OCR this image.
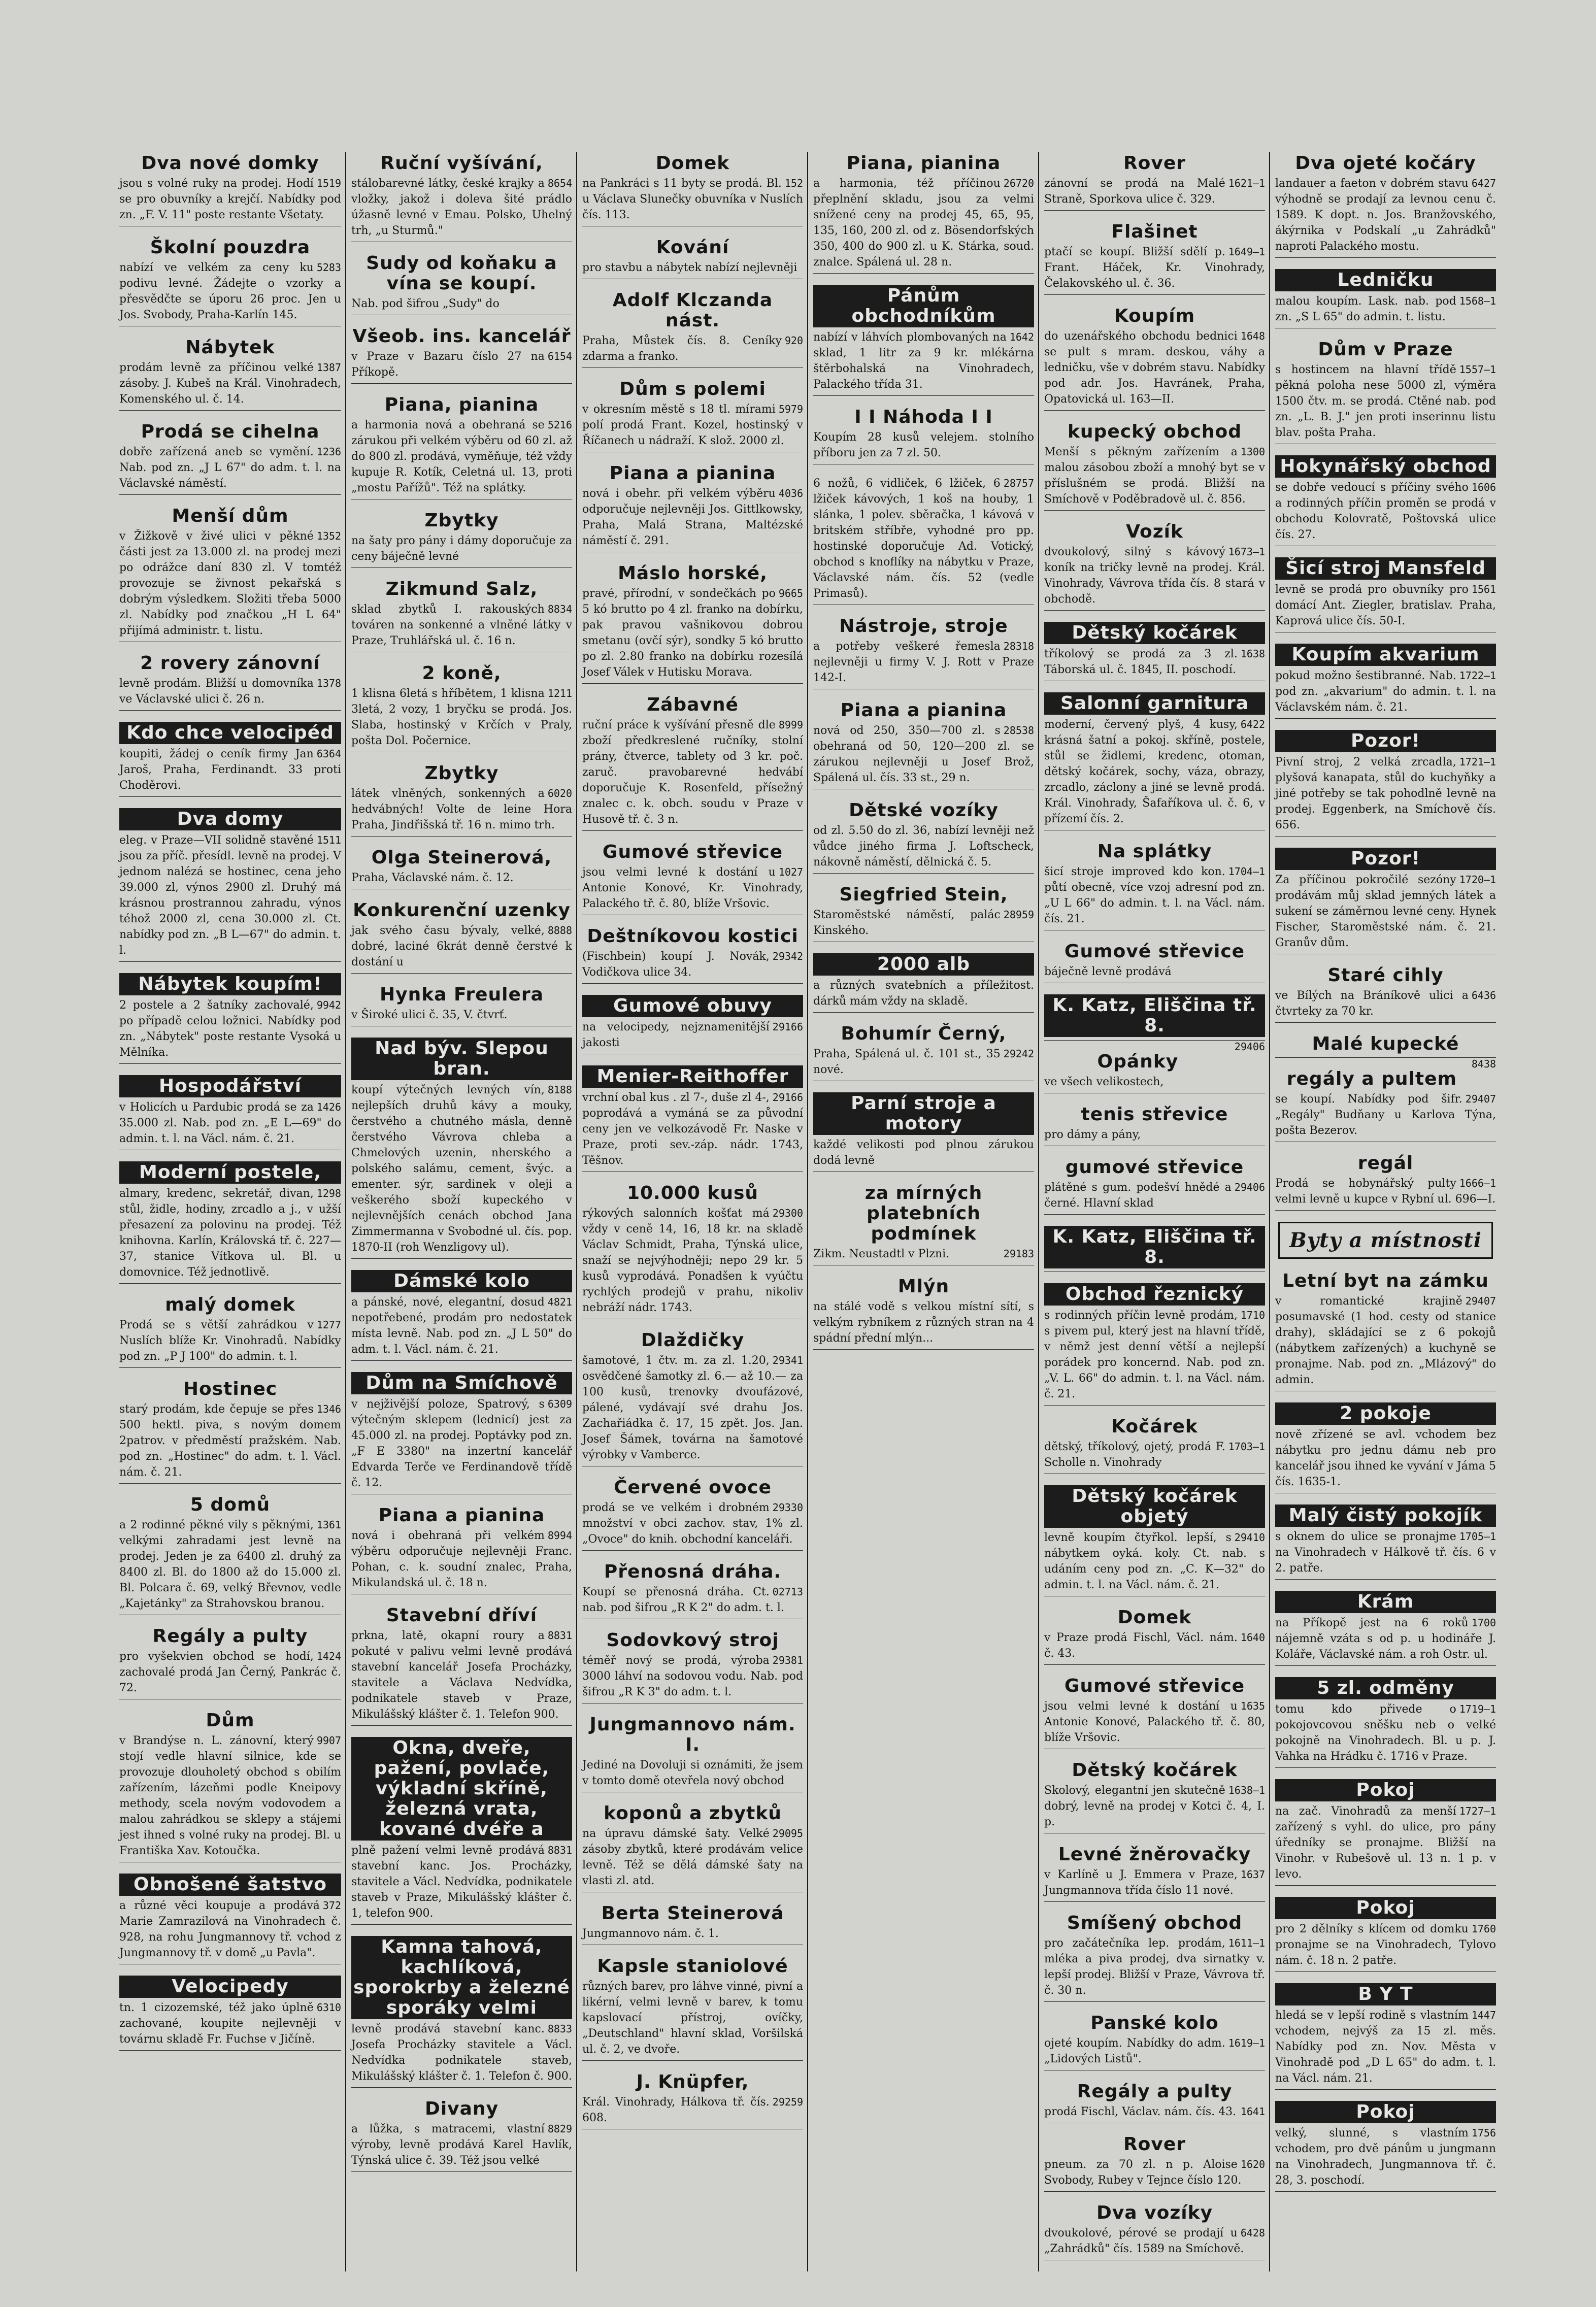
Dva nové domky

1519
jsou s volné ruky na prodej. Hodí se pro obuvníky a krejčí. Nabídky pod zn. „F. V. 11" poste restante Všetaty.

Školní pouzdra

5283
nabízí ve velkém za ceny ku podivu levné. Žádejte o vzorky a přesvědčte se úporu 26 proc. Jen u Jos. Svobody, Praha-Karlín 145.

Nábytek

1387
prodám levně za příčinou velké zásoby. J. Kubeš na Král. Vinohradech, Komenského ul. č. 14.

Prodá se cihelna

1236
dobře zařízená aneb se vymění. Nab. pod zn. „J L 67" do adm. t. l. na Václavské náměstí.

Menší dům

1352
v Žižkově v živé ulici v pěkné části jest za 13.000 zl. na prodej mezi po odrážce daní 830 zl. V tomtéž provozuje se živnost pekařská s dobrým výsledkem. Složiti třeba 5000 zl. Nabídky pod značkou „H L 64" přijímá administr. t. listu.

2 rovery zánovní

1378
levně prodám. Bližší u domovníka ve Václavské ulici č. 26 n.

Kdo chce velocipéd

6364
koupiti, žádej o ceník firmy Jan Jaroš, Praha, Ferdinandt. 33 proti Choděrovi.

Dva domy

1511
eleg. v Praze—VII solidně stavěné jsou za příč. přesídl. levně na prodej. V jednom nalézá se hostinec, cena jeho 39.000 zl, výnos 2900 zl. Druhý má krásnou prostrannou zahradu, výnos téhož 2000 zl, cena 30.000 zl. Ct. nabídky pod zn. „B L—67" do admin. t. l.

Nábytek koupím!

9942
2 postele a 2 šatníky zachovalé, po případě celou ložnici. Nabídky pod zn. „Nábytek" poste restante Vysoká u Mělníka.

Hospodářství

1426
v Holicích u Pardubic prodá se za 35.000 zl. Nab. pod zn. „E L—69" do admin. t. l. na Václ. nám. č. 21.

Moderní postele,

1298
almary, kredenc, sekretář, divan, stůl, židle, hodiny, zrcadlo a j., v užší přesazení za polovinu na prodej. Též knihovna. Karlín, Královská tř. č. 227—37, stanice Vítkova ul. Bl. u domovnice. Též jednotlivě.

malý domek

1277
Prodá se s větší zahrádkou v Nuslích blíže Kr. Vinohradů. Nabídky pod zn. „P J 100" do admin. t. l.

Hostinec

1346
starý prodám, kde čepuje se přes 500 hektl. piva, s novým domem 2patrov. v předměstí pražském. Nab. pod zn. „Hostinec" do adm. t. l. Václ. nám. č. 21.

5 domů

1361
a 2 rodinné pěkné vily s pěknými, velkými zahradami jest levně na prodej. Jeden je za 6400 zl. druhý za 8400 zl. Bl. do 1800 až do 15.000 zl. Bl. Polcara č. 69, velký Břevnov, vedle „Kajetánky" za Strahovskou branou.

Regály a pulty

1424
pro vyšekvien obchod se hodí, zachovalé prodá Jan Černý, Pankrác č. 72.

Dům

9907
v Brandýse n. L. zánovní, který stojí vedle hlavní silnice, kde se provozuje dlouholetý obchod s obilím zařízením, lázeňmi podle Kneipovy methody, scela novým vodovodem a malou zahrádkou se sklepy a stájemi jest ihned s volné ruky na prodej. Bl. u Františka Xav. Kotoučka.

Obnošené šatstvo

372
a různé věci koupuje a prodává Marie Zamrazilová na Vinohradech č. 928, na rohu Jungmannovy tř. vchod z Jungmannovy tř. v domě „u Pavla".

Velocipedy

6310
tn. 1 cizozemské, též jako úplně zachované, koupite nejlevněji v továrnu skladě Fr. Fuchse v Jičíně.

Ruční vyšívání,

8654
stálobarevné látky, české krajky a vložky, jakož i doleva šité prádlo úžasně levné v Emau. Polsko, Uhelný trh, „u Sturmů."

Sudy od koňaku a vína se koupí.

Nab. pod šifrou „Sudy" do

Všeob. ins. kancelář

6154
v Praze v Bazaru číslo 27 na Příkopě.

Piana, pianina

5216
a harmonia nová a obehraná se zárukou při velkém výběru od 60 zl. až do 800 zl. prodává, vyměňuje, též vždy kupuje R. Kotík, Celetná ul. 13, proti „mostu Pařížů". Též na splátky.

Zbytky

na šaty pro pány i dámy doporučuje za ceny báječně levné

Zikmund Salz,

8834
sklad zbytků I. rakouských továren na sonkenné a vlněné látky v Praze, Truhlářská ul. č. 16 n.

2 koně,

1211
1 klisna 6letá s hříbětem, 1 klisna 3letá, 2 vozy, 1 bryčku se prodá. Jos. Slaba, hostinský v Krčích v Praly, pošta Dol. Počernice.

Zbytky

6020
látek vlněných, sonkenných a hedvábných! Volte de leine Hora Praha, Jindřišská tř. 16 n. mimo trh.

Olga Steinerová,

Praha, Václavské nám. č. 12.

Konkurenční uzenky

8888
jak svého času bývaly, velké, dobré, laciné 6krát denně čerstvé k dostání u

Hynka Freulera

v Široké ulici č. 35, V. čtvrť.

Nad býv. Slepou bran.

8188
koupí výtečných levných vín, nejlepších druhů kávy a mouky, čerstvého a chutného másla, denně čerstvého Vávrova chleba a Chmelových uzenin, nherského a polského salámu, cement, švýc. a ementer. sýr, sardinek v oleji a veškerého sboží kupeckého v nejlevnějších cenách obchod Jana Zimmermanna v Svobodné ul. čís. pop. 1870-II (roh Wenzligovy ul).

Dámské kolo

4821
a pánské, nové, elegantní, dosud nepotřebené, prodám pro nedostatek místa levně. Nab. pod zn. „J L 50" do adm. t. l. Václ. nám. č. 21.

Dům na Smíchově

6309
v nejživější poloze, Spatrový, s výtečným sklepem (lednicí) jest za 45.000 zl. na prodej. Poptávky pod zn. „F E 3380" na inzertní kancelář Edvarda Terče ve Ferdinandově třídě č. 12.

Piana a pianina

8994
nová i obehraná při velkém výběru odporučuje nejlevněji Franc. Pohan, c. k. soudní znalec, Praha, Mikulandská ul. č. 18 n.

Stavební dříví

8831
prkna, latě, okapní roury a pokuté v palivu velmi levně prodává stavební kancelář Josefa Procházky, stavitele a Václava Nedvídka, podnikatele staveb v Praze, Mikulášský klášter č. 1. Telefon 900.

Okna, dveře, pažení, povlače, výkladní skříně, železná vrata, kované dvéře a

8831
plně pažení velmi levně prodává stavební kanc. Jos. Procházky, stavitele a Václ. Nedvídka, podnikatele staveb v Praze, Mikulášský klášter č. 1, telefon 900.

Kamna tahová, kachlíková, sporokrby a železné sporáky velmi

8833
levně prodává stavební kanc. Josefa Procházky stavitele a Václ. Nedvídka podnikatele staveb, Mikulášský klášter č. 1. Telefon č. 900.

Divany

8829
a lůžka, s matracemi, vlastní výroby, levně prodává Karel Havlík, Týnská ulice č. 39. Též jsou velké

Domek

152
na Pankráci s 11 byty se prodá. Bl. u Václava Slunečky obuvníka v Nuslích čís. 113.

Kování

pro stavbu a nábytek nabízí nejlevněji

Adolf Klczanda nást.

920
Praha, Můstek čís. 8. Ceníky zdarma a franko.

Dům s polemi

5979
v okresním městě s 18 tl. mírami polí prodá Frant. Kozel, hostinský v Říčanech u nádraží. K slož. 2000 zl.

Piana a pianina

4036
nová i obehr. při velkém výběru odporučuje nejlevněji Jos. Gittlkowsky, Praha, Malá Strana, Maltézské náměstí č. 291.

Máslo horské,

9665
pravé, přírodní, v sondečkách po 5 kó brutto po 4 zl. franko na dobírku, pak pravou vašnikovou dobrou smetanu (ovčí sýr), sondky 5 kó brutto po zl. 2.80 franko na dobírku rozesílá Josef Válek v Hutisku Morava.

Zábavné

8999
ruční práce k vyšívání přesně dle zboží předkreslené ručníky, stolní prány, čtverce, tablety od 3 kr. poč. zaruč. pravobarevné hedvábí doporučuje K. Rosenfeld, přísežný znalec c. k. obch. soudu v Praze v Husově tř. č. 3 n.

Gumové střevice

1027
jsou velmi levné k dostání u Antonie Konové, Kr. Vinohrady, Palackého tř. č. 80, blíže Vršovic.

Deštníkovou kostici

29342
(Fischbein) koupí J. Novák, Vodičkova ulice 34.

Gumové obuvy

29166
na velocipedy, nejznamenitější jakosti

Menier-Reithoffer

29166
vrchní obal kus . zl 7-, duše zl 4-, poprodává a vymáná se za původní ceny jen ve velkozávodě Fr. Naske v Praze, proti sev.-záp. nádr. 1743, Těšnov.

10.000 kusů

29300
rýkových salonních košťat má vždy v ceně 14, 16, 18 kr. na skladě Václav Schmidt, Praha, Týnská ulice, snaží se nejvýhodněji; nepo 29 kr. 5 kusů vyprodává. Ponadšen k vyúčtu rychlých prodejů v prahu, nikoliv nebráží nádr. 1743.

Dlaždičky

29341
šamotové, 1 čtv. m. za zl. 1.20, osvědčené šamotky zl. 6.— až 10.— za 100 kusů, trenovky dvoufázové, pálené, vydávají své drahu Jos. Zachařiádka č. 17, 15 zpět. Jos. Jan. Josef Šámek, továrna na šamotové výrobky v Vamberce.

Červené ovoce

29330
prodá se ve velkém i drobném množství v obci zachov. stav, 1% zl. „Ovoce" do knih. obchodní kanceláři.

Přenosná dráha.

02713
Koupí se přenosná dráha. Ct. nab. pod šifrou „R K 2" do adm. t. l.

Sodovkový stroj

29381
téměř nový se prodá, výroba 3000 láhví na sodovou vodu. Nab. pod šifrou „R K 3" do adm. t. l.

Jungmannovo nám. I.

Jediné na Dovoluji si oznámiti, že jsem v tomto domě otevřela nový obchod

koponů a zbytků

29095
na úpravu dámské šaty. Velké zásoby zbytků, které prodávám velice levně. Též se dělá dámské šaty na vlasti zl. atd.

Berta Steinerová

Jungmannovo nám. č. 1.

Kapsle staniolové

různých barev, pro láhve vinné, pivní a likérní, velmi levně v barev, k tomu kapslovací přístroj, ovíčky, „Deutschland" hlavní sklad, Voršilská ul. č. 2, ve dvoře.

J. Knüpfer,

29259
Král. Vinohrady, Hálkova tř. čís. 608.

Piana, pianina

26720
a harmonia, též příčinou přeplnění skladu, jsou za velmi snížené ceny na prodej 45, 65, 95, 135, 160, 200 zl. od z. Bösendorfských 350, 400 do 900 zl. u K. Stárka, soud. znalce. Spálená ul. 28 n.

Pánům obchodníkům

1642
nabízí v láhvích plombovaných na sklad, 1 litr za 9 kr. mlékárna štěrbohalská na Vinohradech, Palackého třída 31.

I I Náhoda I I

Koupím 28 kusů velejem. stolního příboru jen za 7 zl. 50.

28757
6 nožů, 6 vidliček, 6 lžiček, 6 lžiček kávových, 1 koš na houby, 1 slánka, 1 polev. sběračka, 1 kávová v britském stříbře, vyhodné pro pp. hostinské doporučuje Ad. Votický, obchod s knoflíky na nábytku v Praze, Václavské nám. čís. 52 (vedle Primasů).

Nástroje, stroje

28318
a potřeby veškeré řemesla nejlevněji u firmy V. J. Rott v Praze 142-I.

Piana a pianina

28538
nová od 250, 350—700 zl. s obehraná od 50, 120—200 zl. se zárukou nejlevněji u Josef Brož, Spálená ul. čís. 33 st., 29 n.

Dětské vozíky

od zl. 5.50 do zl. 36, nabízí levněji než vůdce jiného firma J. Loftscheck, nákovně náměstí, dělnická č. 5.

Siegfried Stein,

28959
Staroměstské náměstí, palác Kinského.

2000 alb

a různých svatebních a příležitost. dárků mám vždy na skladě.

Bohumír Černý,

29242
Praha, Spálená ul. č. 101 st., 35 nové.

Parní stroje a motory

každé velikosti pod plnou zárukou dodá levně

za mírných platebních podmínek

29183
Zikm. Neustadtl v Plzni.

Mlýn

na stálé vodě s velkou místní sítí, s velkým rybníkem z různých stran na 4 spádní přední mlýn...

Rover

1621—1
zánovní se prodá na Malé Straně, Sporkova ulice č. 329.

Flašinet

1649—1
ptačí se koupí. Bližší sdělí p. Frant. Háček, Kr. Vinohrady, Čelakovského ul. č. 36.

Koupím

1648
do uzenářského obchodu bednici se pult s mram. deskou, váhy a ledničku, vše v dobrém stavu. Nabídky pod adr. Jos. Havránek, Praha, Opatovická ul. 163—II.

kupecký obchod

1300
Menší s pěkným zařízením a malou zásobou zboží a mnohý byt se v příslušném se prodá. Bližší na Smíchově v Poděbradově ul. č. 856.

Vozík

1673—1
dvoukolový, silný s kávový koník na tričky levně na prodej. Král. Vinohrady, Vávrova třída čís. 8 stará v obchodě.

Dětský kočárek

1638
tříkolový se prodá za 3 zl. Táborská ul. č. 1845, II. poschodí.

Salonní garnitura

6422
moderní, červený plyš, 4 kusy, krásná šatní a pokoj. skříně, postele, stůl se židlemi, kredenc, otoman, dětský kočárek, sochy, váza, obrazy, zrcadlo, záclony a jiné se levně prodá. Král. Vinohrady, Šafaříkova ul. č. 6, v přízemí čís. 2.

Na splátky

1704—1
šicí stroje improved kdo kon. půtí obecně, více vzoj adresní pod zn. „U L 66" do admin. t. l. na Václ. nám. čís. 21.

Gumové střevice

báječně levně prodává

K. Katz, Eliščina tř. 8.

29406

Opánky

ve všech velikostech,

tenis střevice

pro dámy a pány,

gumové střevice

29406
plátěné s gum. podešví hnědé a černé. Hlavní sklad

K. Katz, Eliščina tř. 8.

Obchod řeznický

1710
s rodinných příčin levně prodám, s pivem pul, který jest na hlavní třídě, v němž jest denní větší a nejlepší porádek pro koncernd. Nab. pod zn. „V. L. 66" do admin. t. l. na Václ. nám. č. 21.

Kočárek

1703—1
dětský, tříkolový, ojetý, prodá F. Scholle n. Vinohrady

Dětský kočárek objetý

29410
levně koupím čtyřkol. lepší, s nábytkem oyká. koly. Ct. nab. s udáním ceny pod zn. „C. K—32" do admin. t. l. na Václ. nám. č. 21.

Domek

1640
v Praze prodá Fischl, Václ. nám. č. 43.

Gumové střevice

1635
jsou velmi levné k dostání u Antonie Konové, Palackého tř. č. 80, blíže Vršovic.

Dětský kočárek

1638—1
Skolový, elegantní jen skutečně dobrý, levně na prodej v Kotci č. 4, I. p.

Levné žněrovačky

1637
v Karlíně u J. Emmera v Praze, Jungmannova třída číslo 11 nové.

Smíšený obchod

1611—1
pro začátečníka lep. prodám, mléka a piva prodej, dva sirnatky v. lepší prodej. Bližší v Praze, Vávrova tř. č. 30 n.

Panské kolo

1619—1
ojeté koupím. Nabídky do adm. „Lidových Listů".

Regály a pulty

1641
prodá Fischl, Václav. nám. čís. 43.

Rover

1620
pneum. za 70 zl. n p. Aloise Svobody, Rubey v Tejnce číslo 120.

Dva vozíky

6428
dvoukolové, pérové se prodají u „Zahrádků" čís. 1589 na Smíchově.

Dva ojeté kočáry

6427
landauer a faeton v dobrém stavu výhodně se prodají za levnou cenu č. 1589. K dopt. n. Jos. Branžovského, ákýrnika v Podskalí „u Zahrádků" naproti Palackého mostu.

Ledničku

1568—1
malou koupím. Lask. nab. pod zn. „S L 65" do admin. t. listu.

Dům v Praze

1557—1
s hostincem na hlavní třídě pěkná poloha nese 5000 zl, výměra 1500 čtv. m. se prodá. Ctěné nab. pod zn. „L. B. J." jen proti inserinnu listu blav. pošta Praha.

Hokynářský obchod

1606
se dobře vedoucí s příčiny svého a rodinných příčin proměn se prodá v obchodu Kolovratě, Poštovská ulice čís. 27.

Šicí stroj Mansfeld

1561
levně se prodá pro obuvníky pro domácí Ant. Ziegler, bratislav. Praha, Kaprová ulice čís. 50-I.

Koupím akvarium

1722—1
pokud možno šestibranné. Nab. pod zn. „akvarium" do admin. t. l. na Václavském nám. č. 21.

Pozor!

1721—1
Pivní stroj, 2 velká zrcadla, plyšová kanapata, stůl do kuchyňky a jiné potřeby se tak pohodlně levně na prodej. Eggenberk, na Smíchově čís. 656.

Pozor!

1720—1
Za příčinou pokročilé sezóny prodávám můj sklad jemných látek a sukení se záměrnou levné ceny. Hynek Fischer, Staroměstské nám. č. 21. Granův dům.

Staré cihly

6436
ve Bílých na Bráníkově ulici a čtvrteky za 70 kr.

Malé kupecké

8438

regály a pultem

29407
se koupí. Nabídky pod šifr. „Regály" Budňany u Karlova Týna, pošta Bezerov.

regál

1666—1
Prodá se hobynářský pulty velmi levně u kupce v Rybní ul. 696—I.

Byty a místnosti
Letní byt na zámku

29407
v romantické krajině posumavské (1 hod. cesty od stanice drahy), skládající se z 6 pokojů (nábytkem zařízených) a kuchyně se pronajme. Nab. pod zn. „Mlázový" do admin.

2 pokoje

nově zřízené se avl. vchodem bez nábytku pro jednu dámu neb pro kancelář jsou ihned ke vyvání v Jáma 5 čís. 1635-1.

Malý čistý pokojík

1705—1
s oknem do ulice se pronajme na Vinohradech v Hálkově tř. čís. 6 v 2. patře.

Krám

1700
na Příkopě jest na 6 roků nájemně vzáta s od p. u hodináře J. Koláře, Václavské nám. a roh Ostr. ul.

5 zl. odměny

1719—1
tomu kdo přivede o pokojovcovou sněšku neb o velké pokojně na Vinohradech. Bl. u p. J. Vahka na Hrádku č. 1716 v Praze.

Pokoj

1727—1
na zač. Vinohradů za menší zařízený s vyhl. do ulice, pro pány úředníky se pronajme. Bližší na Vinohr. v Rubešově ul. 13 n. 1 p. v levo.

Pokoj

1760
pro 2 dělníky s klícem od domku pronajme se na Vinohradech, Tylovo nám. č. 18 n. 2 patře.

B Y T

1447
hledá se v lepší rodině s vlastním vchodem, nejvýš za 15 zl. měs. Nabídky pod zn. Nov. Města v Vinohradě pod „D L 65" do adm. t. l. na Václ. nám. 21.

Pokoj

1756
velký, slunné, s vlastním vchodem, pro dvě pánům u jungmann na Vinohradech, Jungmannova tř. č. 28, 3. poschodí.
